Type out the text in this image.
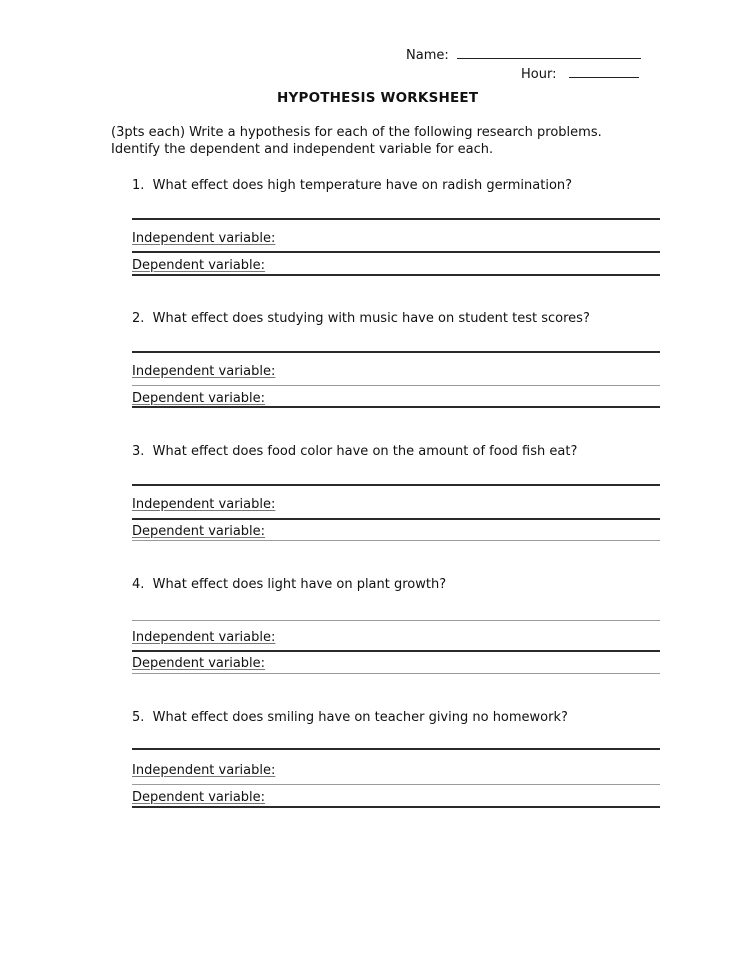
Name:
Hour:
HYPOTHESIS WORKSHEET
(3pts each) Write a hypothesis for each of the following research problems.
Identify the dependent and independent variable for each.
1. What effect does high temperature have on radish germination?
Independent variable:
Dependent variable:
2. What effect does studying with music have on student test scores?
Independent variable:
Dependent variable:
3. What effect does food color have on the amount of food fish eat?
Independent variable:
Dependent variable:
4. What effect does light have on plant growth?
Independent variable:
Dependent variable:
5. What effect does smiling have on teacher giving no homework?
Independent variable:
Dependent variable:
